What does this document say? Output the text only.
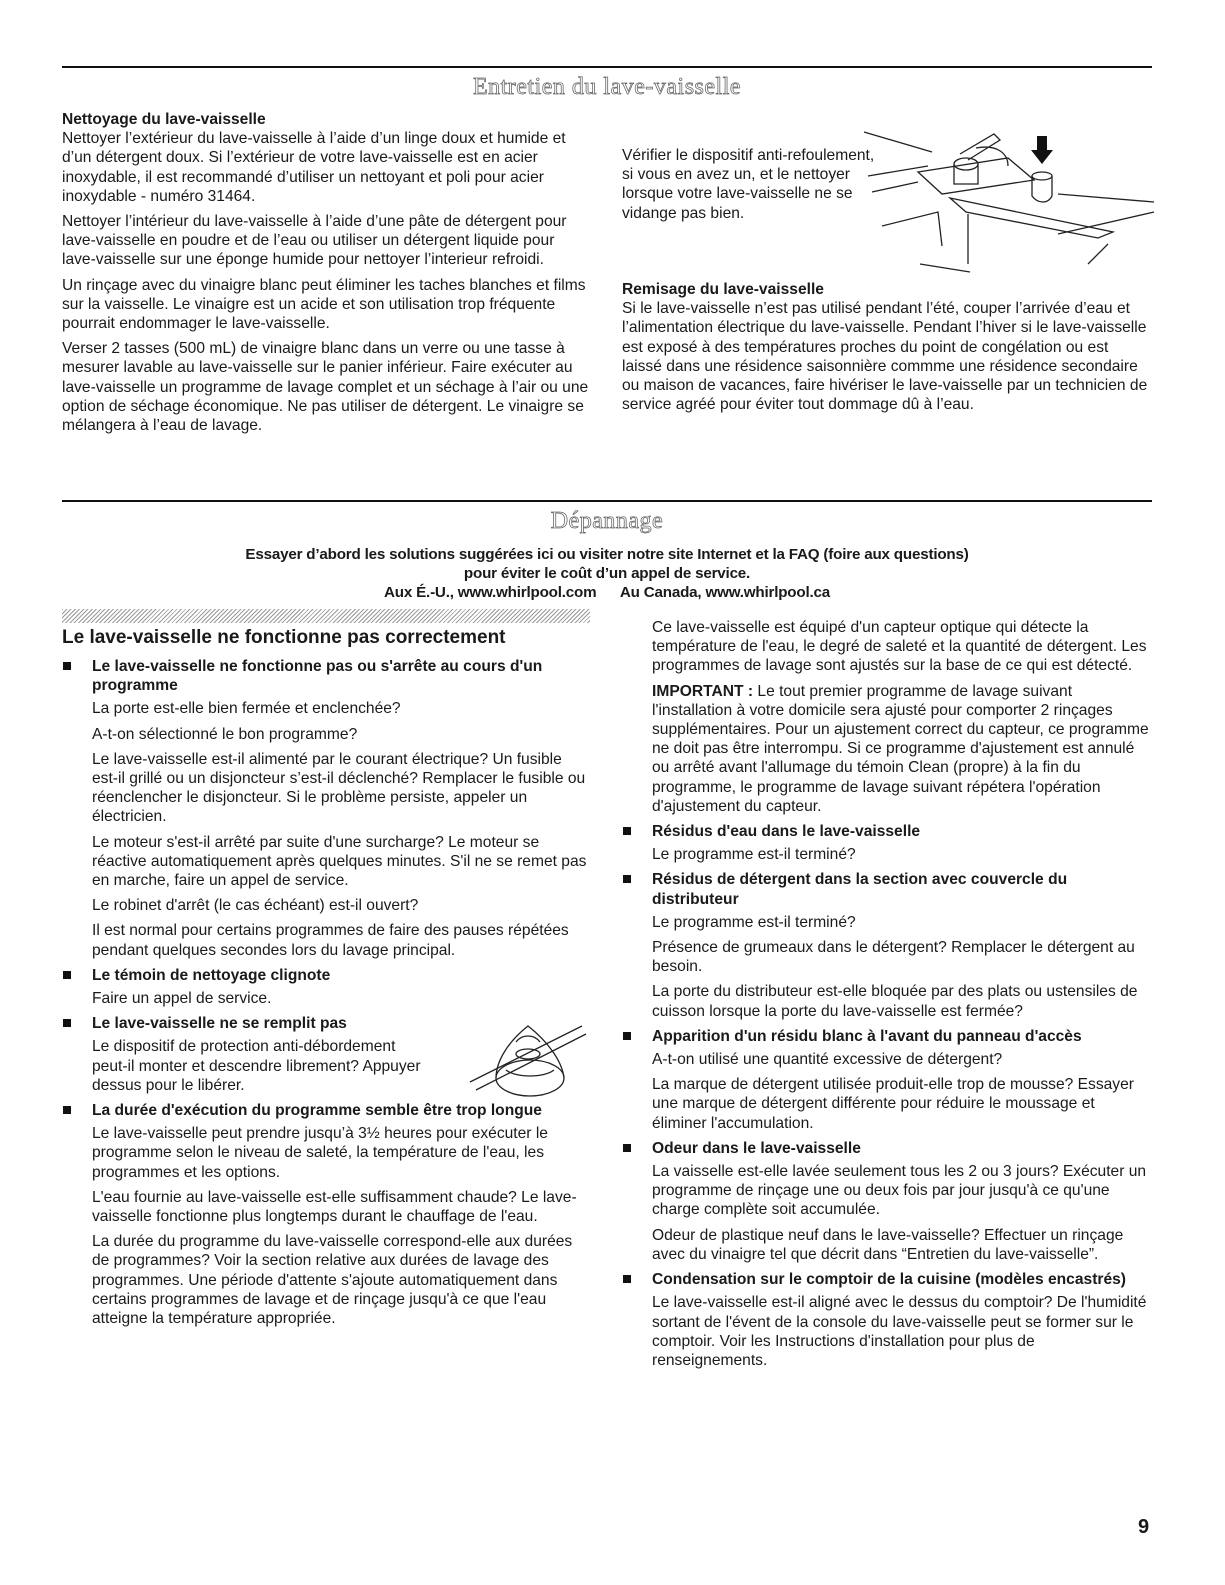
Entretien du lave-vaisselle

Nettoyage du lave-vaisselle

Nettoyer l’extérieur du lave-vaisselle à l’aide d’un linge doux et humide et d’un détergent doux. Si l’extérieur de votre lave-vaisselle est en acier inoxydable, il est recommandé d’utiliser un nettoyant et poli pour acier inoxydable - numéro 31464.

Nettoyer l’intérieur du lave-vaisselle à l’aide d’une pâte de détergent pour lave-vaisselle en poudre et de l’eau ou utiliser un détergent liquide pour lave-vaisselle sur une éponge humide pour nettoyer l’interieur refroidi.

Un rinçage avec du vinaigre blanc peut éliminer les taches blanches et films sur la vaisselle. Le vinaigre est un acide et son utilisation trop fréquente pourrait endommager le lave-vaisselle.

Verser 2 tasses (500 mL) de vinaigre blanc dans un verre ou une tasse à mesurer lavable au lave-vaisselle sur le panier inférieur. Faire exécuter au lave-vaisselle un programme de lavage complet et un séchage à l’air ou une option de séchage économique. Ne pas utiliser de détergent. Le vinaigre se mélangera à l’eau de lavage.

Vérifier le dispositif anti-refoulement, si vous en avez un, et le nettoyer lorsque votre lave-vaisselle ne se vidange pas bien.

Remisage du lave-vaisselle

Si le lave-vaisselle n’est pas utilisé pendant l’été, couper l’arrivée d’eau et l’alimentation électrique du lave-vaisselle. Pendant l’hiver si le lave-vaisselle est exposé à des températures proches du point de congélation ou est laissé dans une résidence saisonnière commme une résidence secondaire ou maison de vacances, faire hivériser le lave-vaisselle par un technicien de service agréé pour éviter tout dommage dû à l’eau.

Dépannage
Essayer d’abord les solutions suggérées ici ou visiter notre site Internet et la FAQ (foire aux questions)
pour éviter le coût d’un appel de service.
Aux É.-U., www.whirlpool.com Au Canada, www.whirlpool.ca
Le lave-vaisselle ne fonctionne pas correctement
Le lave-vaisselle ne fonctionne pas ou s'arrête au cours d'un programme

La porte est-elle bien fermée et enclenchée?

A-t-on sélectionné le bon programme?

Le lave-vaisselle est-il alimenté par le courant électrique? Un fusible est-il grillé ou un disjoncteur s’est-il déclenché? Remplacer le fusible ou réenclencher le disjoncteur. Si le problème persiste, appeler un électricien.

Le moteur s'est-il arrêté par suite d'une surcharge? Le moteur se réactive automatiquement après quelques minutes. S'il ne se remet pas en marche, faire un appel de service.

Le robinet d'arrêt (le cas échéant) est-il ouvert?

Il est normal pour certains programmes de faire des pauses répétées pendant quelques secondes lors du lavage principal.

Le témoin de nettoyage clignote

Faire un appel de service.

Le lave-vaisselle ne se remplit pas

Le dispositif de protection anti-débordement peut-il monter et descendre librement? Appuyer dessus pour le libérer.

La durée d'exécution du programme semble être trop longue

Le lave-vaisselle peut prendre jusqu’à 3½ heures pour exécuter le programme selon le niveau de saleté, la température de l'eau, les programmes et les options.

L'eau fournie au lave-vaisselle est-elle suffisamment chaude? Le lave-vaisselle fonctionne plus longtemps durant le chauffage de l'eau.

La durée du programme du lave-vaisselle correspond-elle aux durées de programmes? Voir la section relative aux durées de lavage des programmes. Une période d'attente s'ajoute automatiquement dans certains programmes de lavage et de rinçage jusqu'à ce que l'eau atteigne la température appropriée.

Ce lave-vaisselle est équipé d'un capteur optique qui détecte la température de l'eau, le degré de saleté et la quantité de détergent. Les programmes de lavage sont ajustés sur la base de ce qui est détecté.

IMPORTANT : Le tout premier programme de lavage suivant l'installation à votre domicile sera ajusté pour comporter 2 rinçages supplémentaires. Pour un ajustement correct du capteur, ce programme ne doit pas être interrompu. Si ce programme d'ajustement est annulé ou arrêté avant l'allumage du témoin Clean (propre) à la fin du programme, le programme de lavage suivant répétera l'opération d'ajustement du capteur.

Résidus d'eau dans le lave-vaisselle

Le programme est-il terminé?

Résidus de détergent dans la section avec couvercle du distributeur

Le programme est-il terminé?

Présence de grumeaux dans le détergent? Remplacer le détergent au besoin.

La porte du distributeur est-elle bloquée par des plats ou ustensiles de cuisson lorsque la porte du lave-vaisselle est fermée?

Apparition d'un résidu blanc à l'avant du panneau d'accès

A-t-on utilisé une quantité excessive de détergent?

La marque de détergent utilisée produit-elle trop de mousse? Essayer une marque de détergent différente pour réduire le moussage et éliminer l'accumulation.

Odeur dans le lave-vaisselle

La vaisselle est-elle lavée seulement tous les 2 ou 3 jours? Exécuter un programme de rinçage une ou deux fois par jour jusqu'à ce qu'une charge complète soit accumulée.

Odeur de plastique neuf dans le lave-vaisselle? Effectuer un rinçage avec du vinaigre tel que décrit dans “Entretien du lave-vaisselle”.

Condensation sur le comptoir de la cuisine (modèles encastrés)

Le lave-vaisselle est-il aligné avec le dessus du comptoir? De l'humidité sortant de l'évent de la console du lave-vaisselle peut se former sur le comptoir. Voir les Instructions d'installation pour plus de renseignements.

9
